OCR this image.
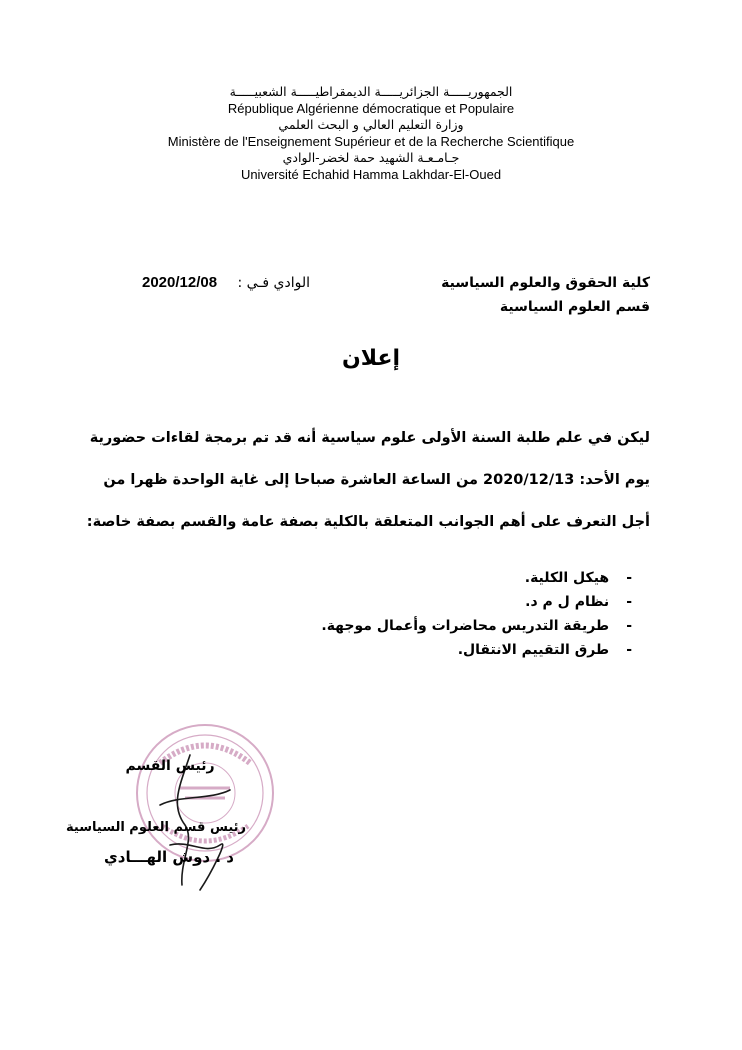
الجمهوريـــــة الجزائريـــــة الديمقراطيـــــة الشعبيـــــة
République Algérienne démocratique et Populaire
وزارة التعليم العالي و البحث العلمي
Ministère de l'Enseignement Supérieur et de la Recherche Scientifique
جـامـعـة الشهيد حمة لخضر-الوادي
Université Echahid Hamma Lakhdar-El-Oued
كلية الحقوق والعلوم السياسية
قسم العلوم السياسية
الوادي فـي :    2020/12/08
إعلان
ليكن في علم طلبة السنة الأولى علوم سياسية أنه قد تم برمجة لقاءات حضورية
يوم الأحد: 2020/12/13 من الساعة العاشرة صباحا إلى غاية الواحدة ظهرا من
أجل التعرف على أهم الجوانب المتعلقة بالكلية بصفة عامة والقسم بصفة خاصة:
- هيكل الكلية.
- نظام ل م د.
- طريقة التدريس محاضرات وأعمال موجهة.
- طرق التقييم الانتقال.
رئيس القسم
رئيس قسم العلوم السياسية
د . دوش الهـــادي
